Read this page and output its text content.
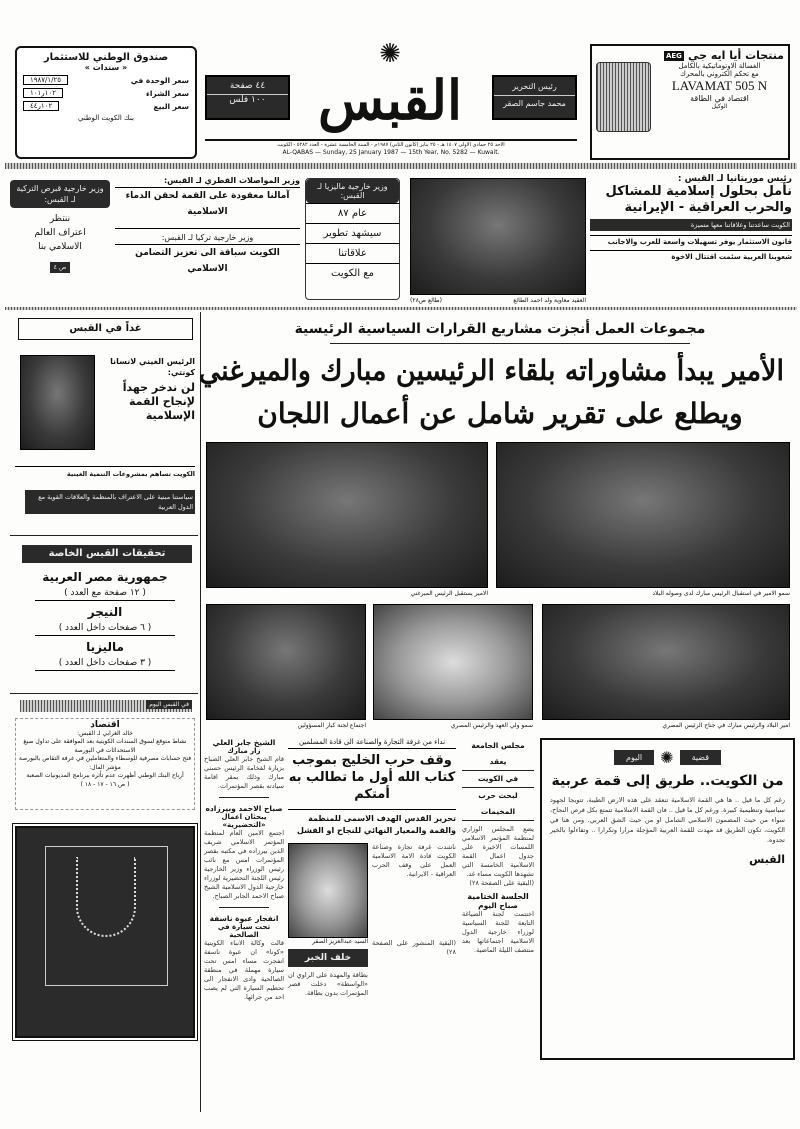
صندوق الوطني للاستثمار
« سندات »
سعر الوحدة في
١٩٨٧/١/٢٥
سعر الشراء
١٠٢ر١٠١
سعر البيع
١٠٢ر٤٤
بنك الكويت الوطني
٤٤ صفحة
١٠٠ فلس
✺
القبس	رئيس التحرير
محمد جاسم الصقر
الاحد ٢٥ جمادى الاولى ١٤٠٧ هـ - ٢٥ يناير (كانون الثاني) ١٩٨٧م - السنة الخامسة عشرة - العدد ٥٢٨٢ - الكويت
AL-QABAS — Sunday, 25 January 1987 — 15th Year, No. 5282 — Kuwait.
منتجات أيا ايه جي
AEG
الغسالة الاوتوماتيكية بالكامل
مع تحكم الكتروني بالمحرك
LAVAMAT 505 N
اقتصاد في الطاقة
الوكيل
رئيس موريتانيا لـ القبس :
نأمل بحلول إسلامية للمشاكل والحرب العراقية - الإيرانية
الكويت ساعدتنا وعلاقاتنا معها متميزة
قانون الاستثمار يوفر تسهيلات واسعة للعرب والاجانب
شعوبنا العربية سئمت اقتتال الاخوة
العقيد معاوية ولد احمد الطائع
(طالع ص٢٨)
وزير خارجية ماليزيا لـ القبس:
عام ٨٧
سيشهد تطوير
علاقاتنا
مع الكويت
وزير المواصلات القطري لـ القبس:
آمالنا معقودة على القمة لحقن الدماء الاسلامية
وزير خارجية تركيا لـ القبس:
الكويت سباقة الى تعزيز التضامن الاسلامي
وزير خارجية قبرص التركية لـ القبس:
ننتظر
اعتراف العالم
الاسلامي بنا
ص ٤
غداً في القبس
الرئيس الغيني لانسانا كونتي:
لن ندخر جهداً لإنجاح القمة الإسلامية
الكويت تساهم بمشروعات التنمية الغينية
سياستنا مبنية على الاعتراف بالمنظمة والعلاقات القوية مع الدول العربية
تحقيقات القبس الخاصة
جمهورية مصر العربية
( ١٢ صفحة مع العدد )
النيجر
( ٦ صفحات داخل العدد )
ماليزيا
( ٣ صفحات داخل العدد )
في القبس اليوم
اقتصاد
خالد الغرابي لـ القبس:
نشاط متوقع لسوق السندات الكويتية بعد الموافقة على تداول صيغ الاستحداثات في البورصة
فتح حسابات مصرفية للوسطاء والمتعاملين في غرفة التقاص بالبورصة
مؤشر المال:
أرباح البنك الوطني أظهرت عدم تأثره ببرنامج المديونيات الصعبة
( ص ١٦ - ١٧ - ١٨ )
مجموعات العمل أنجزت مشاريع القرارات السياسية الرئيسية
الأمير يبدأ مشاوراته بلقاء الرئيسين مبارك والميرغني
ويطلع على تقرير شامل عن أعمال اللجان
الامير يستقبل الرئيس الميرغني	سمو الامير في استقبال الرئيس مبارك لدى وصوله البلاد
اجتماع لجنة كبار المسؤولين	سمو ولي العهد والرئيس المصري	امير البلاد والرئيس مبارك في جناح الرئيس المصري
قضية
✺
اليوم
من الكويت.. طريق إلى قمة عربية
رغم كل ما قيل .. ها هي القمة الاسلامية تنعقد على هذه الارض الطيبة، تتويجا لجهود سياسية وتنظيمية كبيرة. ورغم كل ما قيل .. فان القمة الاسلامية تتمتع بكل فرص النجاح، سواء من حيث المضمون الاسلامي الشامل او من حيث الشق العربي. ومن هنا في الكويت، تكون الطريق قد مهدت للقمة العربية المؤجلة مرارا وتكرارا .. وتفاءلوا بالخير تجدوه.
القبس
مجلس الجامعة يعقد
في الكويت
لبحث حرب المخيمات
يضع المجلس الوزاري لمنظمة المؤتمر الاسلامي اللمسات الاخيرة على جدول اعمال القمة الاسلامية الخامسة التي تشهدها الكويت مساء غد.
(البقية على الصفحة ٢٨)
الجلسة الختامية
صباح اليوم
اختتمت لجنة الصياغة التابعة للجنة السياسية لوزراء خارجية الدول الاسلامية اجتماعاتها بعد منتصف الليلة الماضية.
نداء من غرفة التجارة والصناعة الى قادة المسلمين
وقف حرب الخليج بموجب كتاب الله أول ما تطالب به أمتكم
تحرير القدس الهدف الاسمى للمنظمة والقمة والمعيار النهائي للنجاح او الفشل
ناشدت غرفة تجارة وصناعة الكويت قادة الامة الاسلامية العمل على وقف الحرب العراقية - الايرانية.
(البقية المنشور على الصفحة ٢٨)
السيد عبدالعزيز الصقر
خلف الخبر
بطاقة والمهدة على الراوي ان «الواسطة» دخلت قصر المؤتمرات بدون بطاقة.
الشيخ جابر العلي
زار مبارك
قام الشيخ جابر العلي الصباح بزيارة لفخامة الرئيس حسني مبارك وذلك بمقر اقامة سيادته بقصر المؤتمرات.
صباح الاحمد وبيرزاده
يبحثان اعمال «التحضيرية»
اجتمع الامين العام لمنظمة المؤتمر الاسلامي شريف الدين بيرزاده في مكتبه بقصر المؤتمرات امس مع نائب رئيس الوزراء وزير الخارجية رئيس اللجنة التحضيرية لوزراء خارجية الدول الاسلامية الشيخ صباح الاحمد الجابر الصباح.
انفجار عبوة ناسفة
تحت سيارة في الصالحية
قالت وكالة الانباء الكويتية «كونا» ان عبوة ناسفة انفجرت مساء امس تحت سيارة مهملة في منطقة الصالحية وادى الانفجار الى تحطيم السيارة التي لم يصب احد من جرائها.
